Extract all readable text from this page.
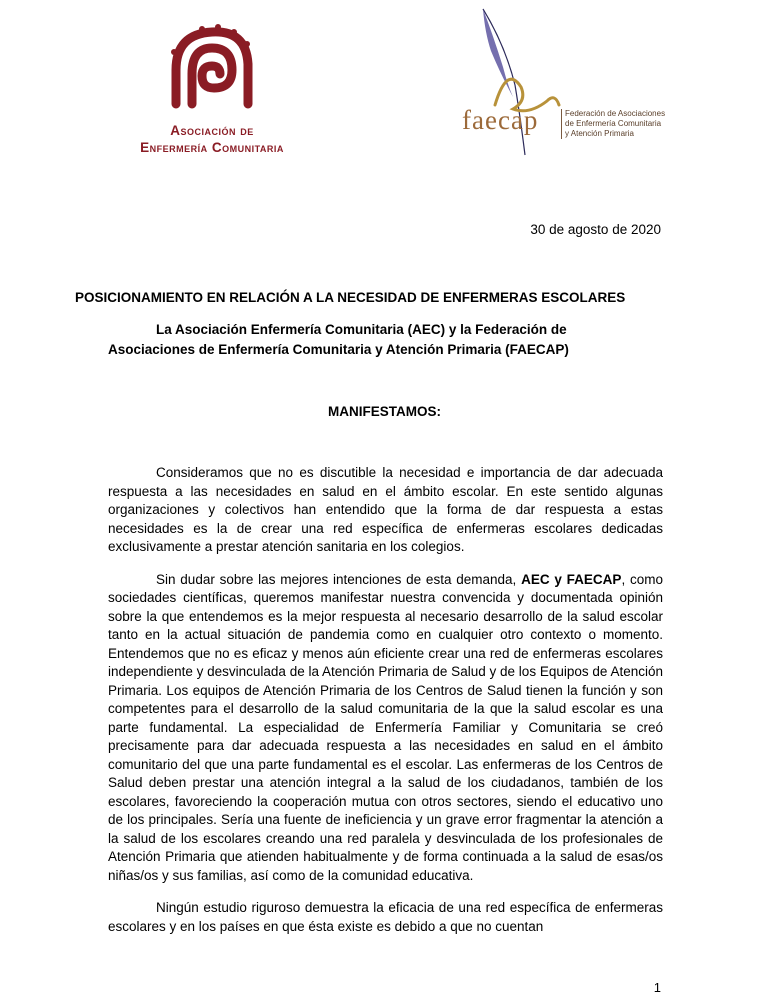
Asociación de
Enfermería Comunitaria
faecap	Federación de Asociaciones
de Enfermería Comunitaria
y Atención Primaria
30 de agosto de 2020
POSICIONAMIENTO EN RELACIÓN A LA NECESIDAD DE ENFERMERAS ESCOLARES
La Asociación Enfermería Comunitaria (AEC) y la Federación de
Asociaciones de Enfermería Comunitaria y Atención Primaria (FAECAP)
MANIFESTAMOS:

Consideramos que no es discutible la necesidad e importancia de dar adecuada respuesta a las necesidades en salud en el ámbito escolar. En este sentido algunas organizaciones y colectivos han entendido que la forma de dar respuesta a estas necesidades es la de crear una red específica de enfermeras escolares dedicadas exclusivamente a prestar atención sanitaria en los colegios.

Sin dudar sobre las mejores intenciones de esta demanda, AEC y FAECAP, como sociedades científicas, queremos manifestar nuestra convencida y documentada opinión sobre la que entendemos es la mejor respuesta al necesario desarrollo de la salud escolar tanto en la actual situación de pandemia como en cualquier otro contexto o momento. Entendemos que no es eficaz y menos aún eficiente crear una red de enfermeras escolares independiente y desvinculada de la Atención Primaria de Salud y de los Equipos de Atención Primaria. Los equipos de Atención Primaria de los Centros de Salud tienen la función y son competentes para el desarrollo de la salud comunitaria de la que la salud escolar es una parte fundamental. La especialidad de Enfermería Familiar y Comunitaria se creó precisamente para dar adecuada respuesta a las necesidades en salud en el ámbito comunitario del que una parte fundamental es el escolar. Las enfermeras de los Centros de Salud deben prestar una atención integral a la salud de los ciudadanos, también de los escolares, favoreciendo la cooperación mutua con otros sectores, siendo el educativo uno de los principales. Sería una fuente de ineficiencia y un grave error fragmentar la atención a la salud de los escolares creando una red paralela y desvinculada de los profesionales de Atención Primaria que atienden habitualmente y de forma continuada a la salud de esas/os niñas/os y sus familias, así como de la comunidad educativa.

Ningún estudio riguroso demuestra la eficacia de una red específica de enfermeras escolares y en los países en que ésta existe es debido a que no cuentan

1
